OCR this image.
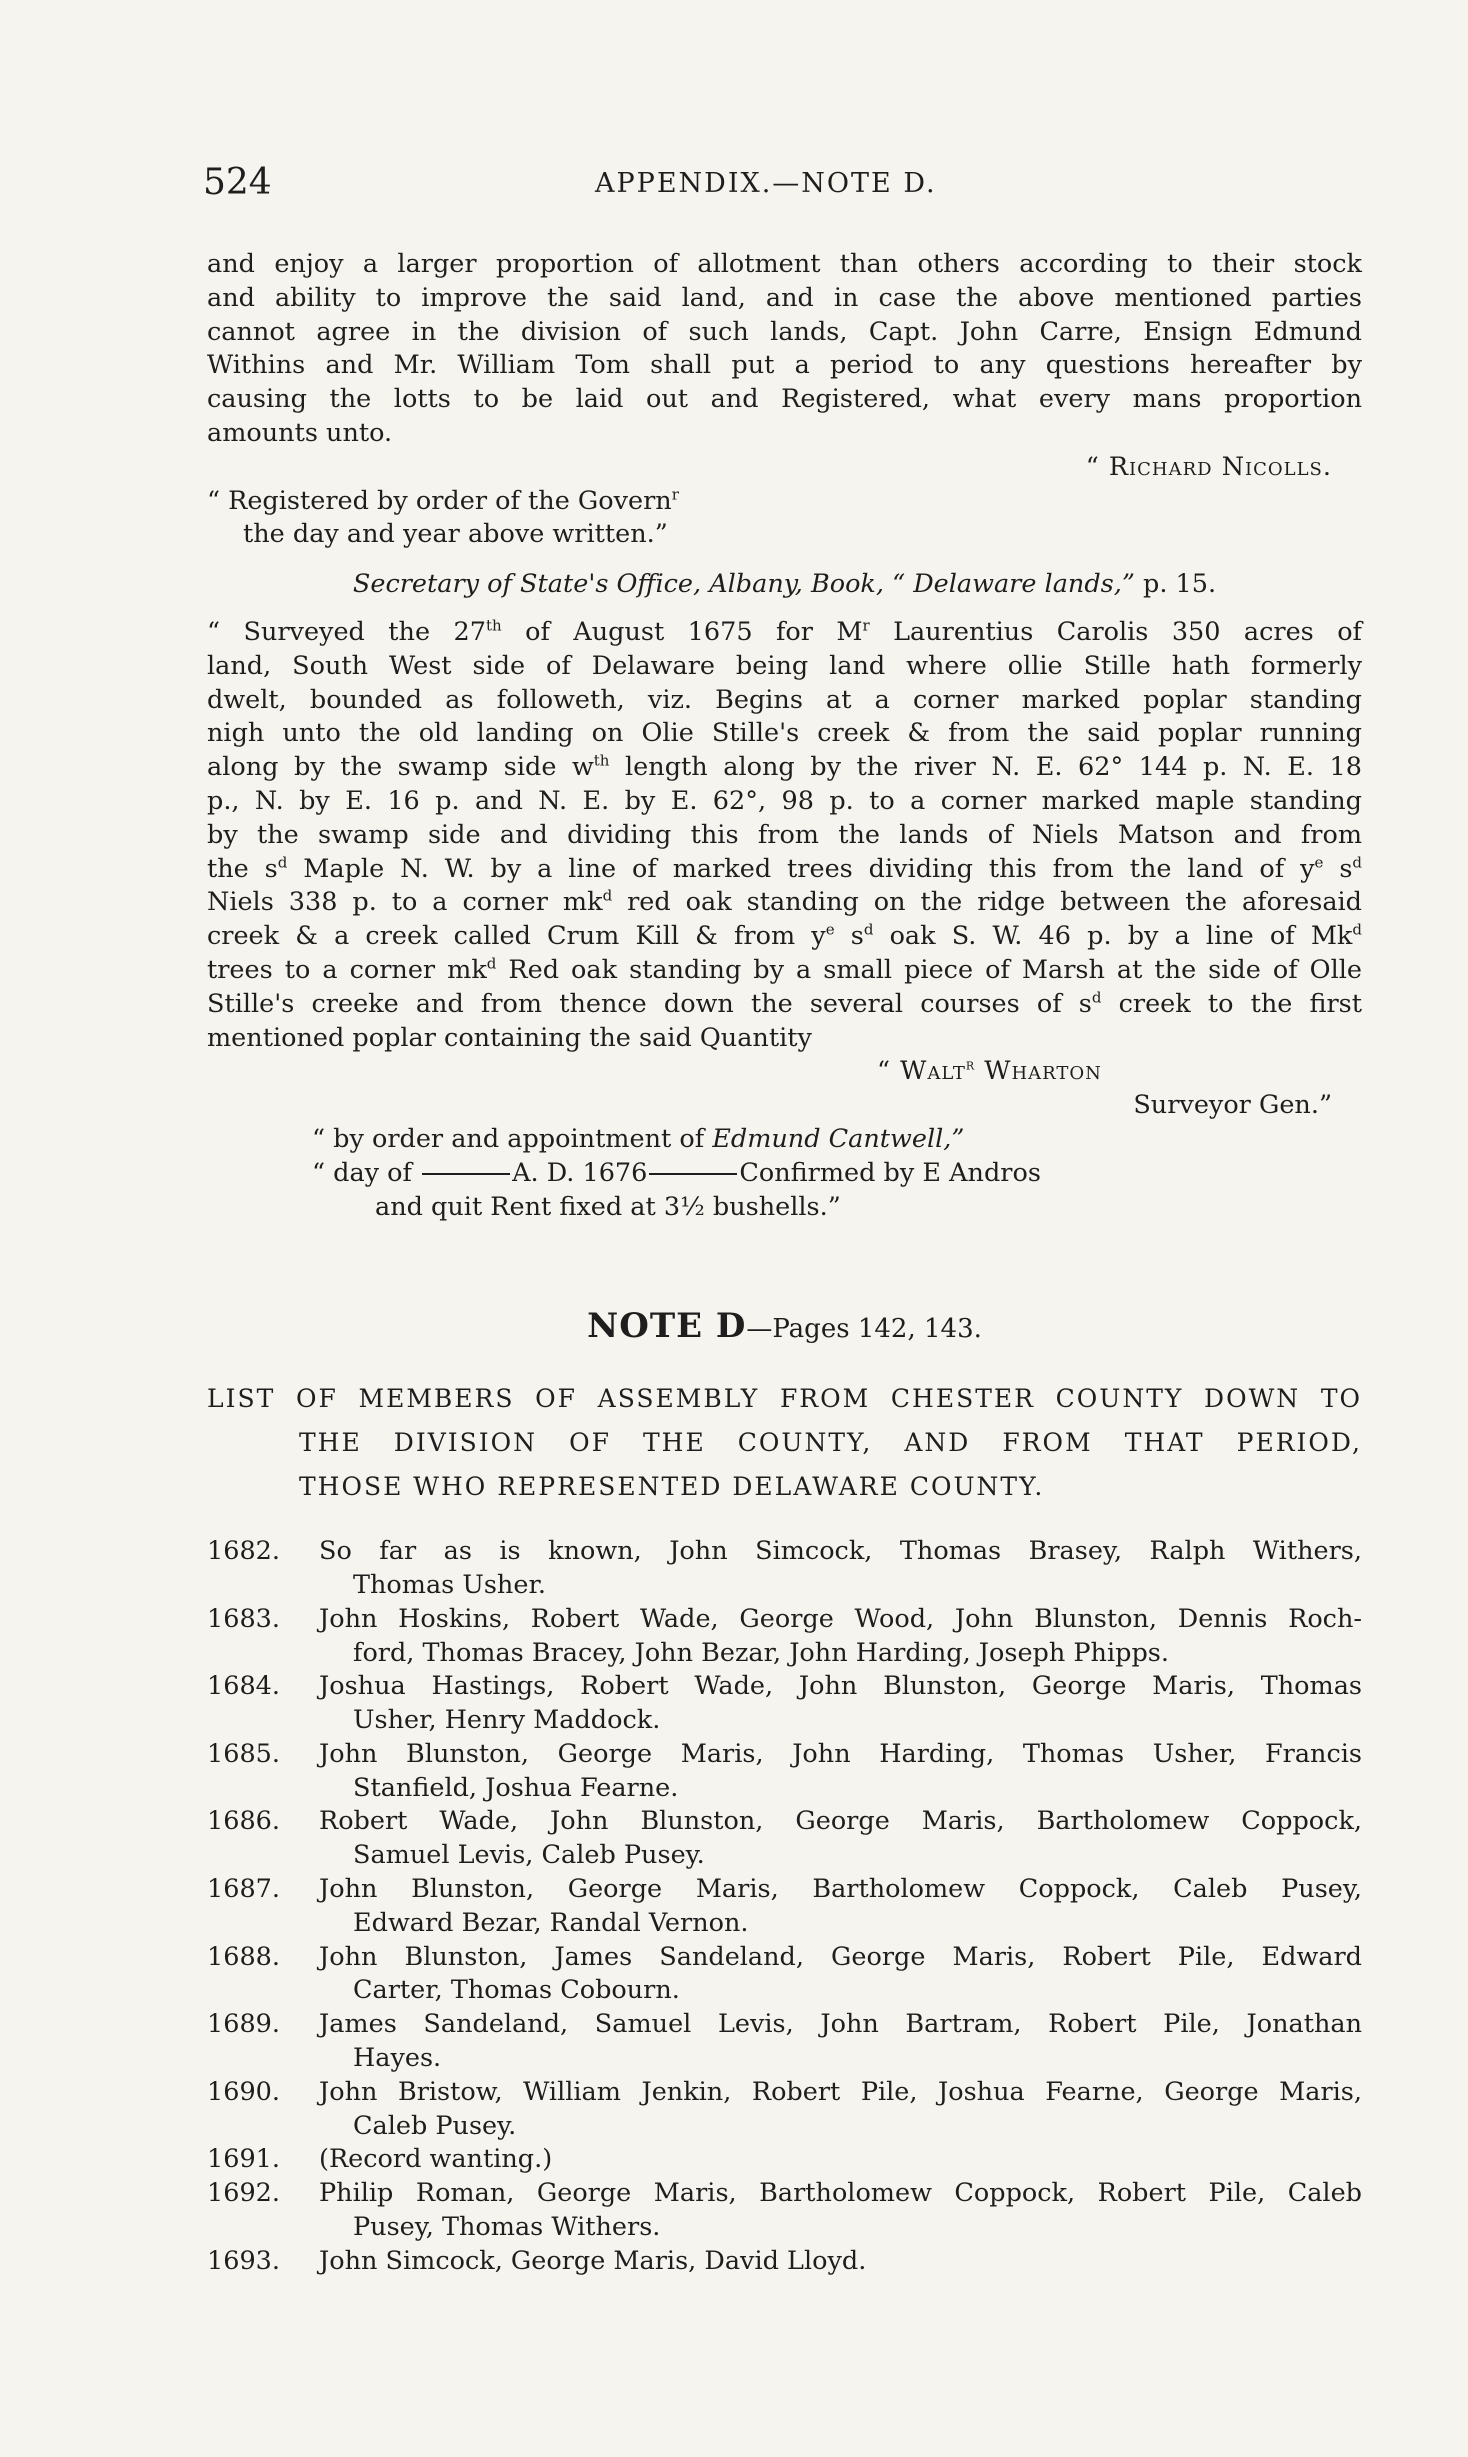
524	APPENDIX.—NOTE D.
and enjoy a larger proportion of allotment than others according to their stock
and ability to improve the said land, and in case the above mentioned parties
cannot agree in the division of such lands, Capt. John Carre, Ensign Edmund
Withins and Mr. William Tom shall put a period to any questions hereafter by
causing the lotts to be laid out and Registered, what every mans proportion
amounts unto.
“ Richard Nicolls.
“ Registered by order of the Govern$^r$
the day and year above written.”
Secretary of State's Office, Albany, Book, “ Delaware lands,” p. 15.
“ Surveyed the 27th of August 1675 for $M^r$ Laurentius Carolis 350 acres of
land, South West side of Delaware being land where ollie Stille hath formerly
dwelt, bounded as followeth, viz. Begins at a corner marked poplar standing
nigh unto the old landing on Olie Stille's creek & from the said poplar running
along by the swamp side $w^{th}$ length along by the river N. E. 62° 144 p. N. E. 18
p., N. by E. 16 p. and N. E. by E. 62°, 98 p. to a corner marked maple standing
by the swamp side and dividing this from the lands of Niels Matson and from
the $s^d$ Maple N. W. by a line of marked trees dividing this from the land of $y^e$ $s^d$
Niels 338 p. to a corner $mk^d$ red oak standing on the ridge between the aforesaid
creek & a creek called Crum Kill & from $y^e$ $s^d$ oak S. W. 46 p. by a line of Mk$^d$
trees to a corner $mk^d$ Red oak standing by a small piece of Marsh at the side of Olle
Stille's creeke and from thence down the several courses of $s^d$ creek to the first
mentioned poplar containing the said Quantity
“ Walt$^r$ Wharton
Surveyor Gen.”
“ by order and appointment of Edmund Cantwell,”
“ day of	A. D. 1676	Confirmed by E Andros
and quit Rent fixed at 3½ bushells.”
NOTE D—Pages 142, 143.
LIST OF MEMBERS OF ASSEMBLY FROM CHESTER COUNTY DOWN TO
THE DIVISION OF THE COUNTY, AND FROM THAT PERIOD,
THOSE WHO REPRESENTED DELAWARE COUNTY.
1682.	So far as is known, John Simcock, Thomas Brasey, Ralph Withers,
Thomas Usher.
1683.	John Hoskins, Robert Wade, George Wood, John Blunston, Dennis Roch-
ford, Thomas Bracey, John Bezar, John Harding, Joseph Phipps.
1684.	Joshua Hastings, Robert Wade, John Blunston, George Maris, Thomas
Usher, Henry Maddock.
1685.	John Blunston, George Maris, John Harding, Thomas Usher, Francis
Stanfield, Joshua Fearne.
1686.	Robert Wade, John Blunston, George Maris, Bartholomew Coppock,
Samuel Levis, Caleb Pusey.
1687.	John Blunston, George Maris, Bartholomew Coppock, Caleb Pusey,
Edward Bezar, Randal Vernon.
1688.	John Blunston, James Sandeland, George Maris, Robert Pile, Edward
Carter, Thomas Cobourn.
1689.	James Sandeland, Samuel Levis, John Bartram, Robert Pile, Jonathan
Hayes.
1690.	John Bristow, William Jenkin, Robert Pile, Joshua Fearne, George Maris,
Caleb Pusey.
1691.	(Record wanting.)
1692.	Philip Roman, George Maris, Bartholomew Coppock, Robert Pile, Caleb
Pusey, Thomas Withers.
1693.	John Simcock, George Maris, David Lloyd.
